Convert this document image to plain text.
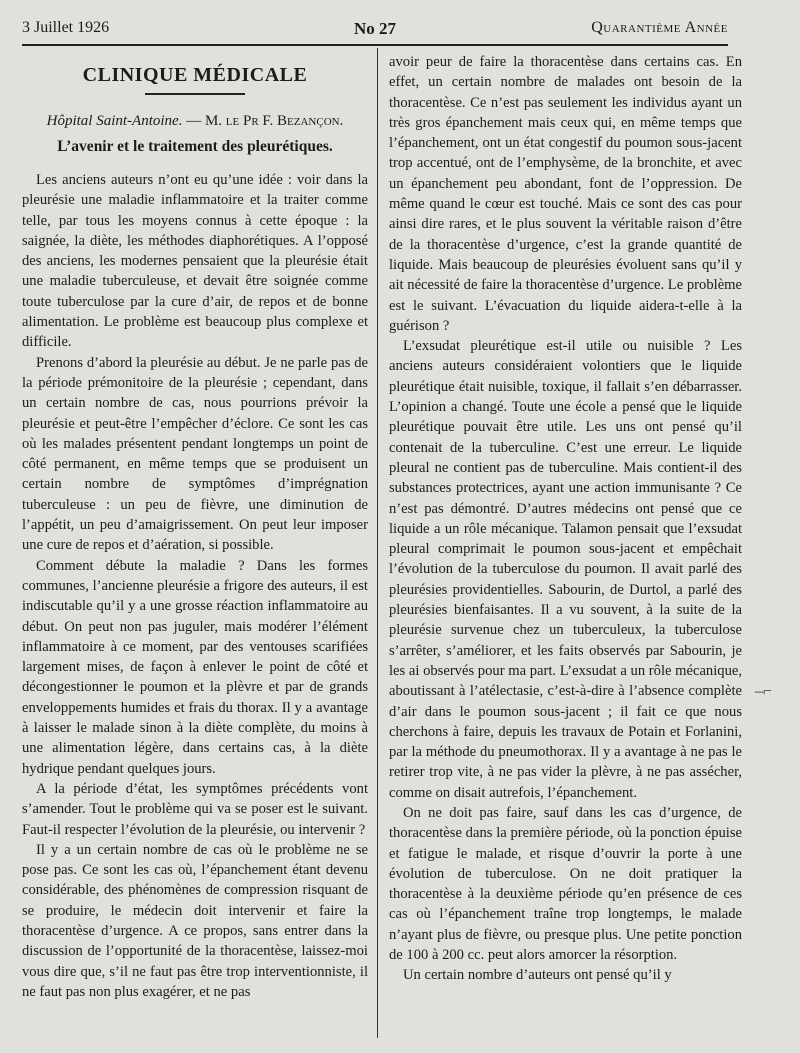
3 Juillet 1926	No 27	Quarantième Année
CLINIQUE MÉDICALE
Hôpital Saint-Antoine. — M. le Pr F. Bezançon.
L’avenir et le traitement des pleurétiques.

Les anciens auteurs n’ont eu qu’une idée : voir dans la pleurésie une maladie inflammatoire et la traiter comme telle, par tous les moyens connus à cette époque : la saignée, la diète, les méthodes diaphorétiques. A l’opposé des anciens, les modernes pensaient que la pleurésie était une maladie tuberculeuse, et devait être soignée comme toute tuberculose par la cure d’air, de repos et de bonne alimentation. Le problème est beaucoup plus complexe et difficile.

Prenons d’abord la pleurésie au début. Je ne parle pas de la période prémonitoire de la pleurésie ; cependant, dans un certain nombre de cas, nous pourrions prévoir la pleurésie et peut-être l’empêcher d’éclore. Ce sont les cas où les malades présentent pendant longtemps un point de côté permanent, en même temps que se produisent un certain nombre de symptômes d’imprégnation tuberculeuse : un peu de fièvre, une diminution de l’appétit, un peu d’amaigrissement. On peut leur imposer une cure de repos et d’aération, si possible.

Comment débute la maladie ? Dans les formes communes, l’ancienne pleurésie a frigore des auteurs, il est indiscutable qu’il y a une grosse réaction inflammatoire au début. On peut non pas juguler, mais modérer l’élément inflammatoire à ce moment, par des ventouses scarifiées largement mises, de façon à enlever le point de côté et décongestionner le poumon et la plèvre et par de grands enveloppements humides et frais du thorax. Il y a avantage à laisser le malade sinon à la diète complète, du moins à une alimentation légère, dans certains cas, à la diète hydrique pendant quelques jours.

A la période d’état, les symptômes précédents vont s’amender. Tout le problème qui va se poser est le suivant. Faut-il respecter l’évolution de la pleurésie, ou intervenir ?

Il y a un certain nombre de cas où le problème ne se pose pas. Ce sont les cas où, l’épanchement étant devenu considérable, des phénomènes de compression risquant de se produire, le médecin doit intervenir et faire la thoracentèse d’urgence. A ce propos, sans entrer dans la discussion de l’opportunité de la thoracentèse, laissez-moi vous dire que, s’il ne faut pas être trop interventionniste, il ne faut pas non plus exagérer, et ne pas

avoir peur de faire la thoracentèse dans certains cas. En effet, un certain nombre de malades ont besoin de la thoracentèse. Ce n’est pas seulement les individus ayant un très gros épanchement mais ceux qui, en même temps que l’épanchement, ont un état congestif du poumon sous-jacent trop accentué, ont de l’emphysème, de la bronchite, et avec un épanchement peu abondant, font de l’oppression. De même quand le cœur est touché. Mais ce sont des cas pour ainsi dire rares, et le plus souvent la véritable raison d’être de la thoracentèse d’urgence, c’est la grande quantité de liquide. Mais beaucoup de pleurésies évoluent sans qu’il y ait nécessité de faire la thoracentèse d’urgence. Le problème est le suivant. L’évacuation du liquide aidera-t-elle à la guérison ?

L’exsudat pleurétique est-il utile ou nuisible ? Les anciens auteurs considéraient volontiers que le liquide pleurétique était nuisible, toxique, il fallait s’en débarrasser. L’opinion a changé. Toute une école a pensé que le liquide pleurétique pouvait être utile. Les uns ont pensé qu’il contenait de la tuberculine. C’est une erreur. Le liquide pleural ne contient pas de tuberculine. Mais contient-il des substances protectrices, ayant une action immunisante ? Ce n’est pas démontré. D’autres médecins ont pensé que ce liquide a un rôle mécanique. Talamon pensait que l’exsudat pleural comprimait le poumon sous-jacent et empêchait l’évolution de la tuberculose du poumon. Il avait parlé des pleurésies providentielles. Sabourin, de Durtol, a parlé des pleurésies bienfaisantes. Il a vu souvent, à la suite de la pleurésie survenue chez un tuberculeux, la tuberculose s’arrêter, s’améliorer, et les faits observés par Sabourin, je les ai observés pour ma part. L’exsudat a un rôle mécanique, aboutissant à l’atélectasie, c’est-à-dire à l’absence complète d’air dans le poumon sous-jacent ; il fait ce que nous cherchons à faire, depuis les travaux de Potain et Forlanini, par la méthode du pneumothorax. Il y a avantage à ne pas le retirer trop vite, à ne pas vider la plèvre, à ne pas assécher, comme on disait autrefois, l’épanchement.

On ne doit pas faire, sauf dans les cas d’urgence, de thoracentèse dans la première période, où la ponction épuise et fatigue le malade, et risque d’ouvrir la porte à une évolution de tuberculose. On ne doit pratiquer la thoracentèse à la deuxième période qu’en présence de ces cas où l’épanchement traîne trop longtemps, le malade n’ayant plus de fièvre, ou presque plus. Une petite ponction de 100 à 200 cc. peut alors amorcer la résorption.

Un certain nombre d’auteurs ont pensé qu’il y

–⌐
